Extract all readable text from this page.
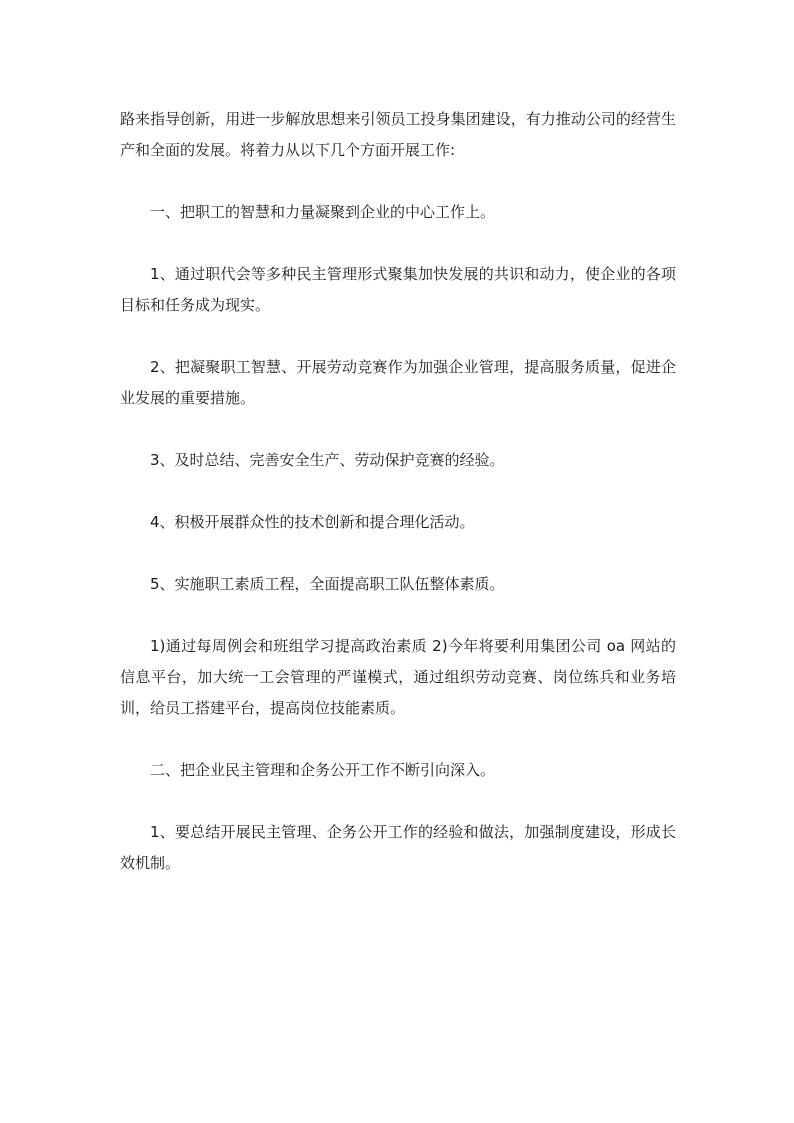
路来指导创新，用进一步解放思想来引领员工投身集团建设，有力推动公司的经营生产和全面的发展。将着力从以下几个方面开展工作:

一、把职工的智慧和力量凝聚到企业的中心工作上。

1、通过职代会等多种民主管理形式聚集加快发展的共识和动力，使企业的各项目标和任务成为现实。

2、把凝聚职工智慧、开展劳动竞赛作为加强企业管理，提高服务质量，促进企业发展的重要措施。

3、及时总结、完善安全生产、劳动保护竞赛的经验。

4、积极开展群众性的技术创新和提合理化活动。

5、实施职工素质工程，全面提高职工队伍整体素质。

1)通过每周例会和班组学习提高政治素质 2)今年将要利用集团公司 oa 网站的信息平台，加大统一工会管理的严谨模式，通过组织劳动竞赛、岗位练兵和业务培训，给员工搭建平台，提高岗位技能素质。

二、把企业民主管理和企务公开工作不断引向深入。

1、要总结开展民主管理、企务公开工作的经验和做法，加强制度建设，形成长效机制。
